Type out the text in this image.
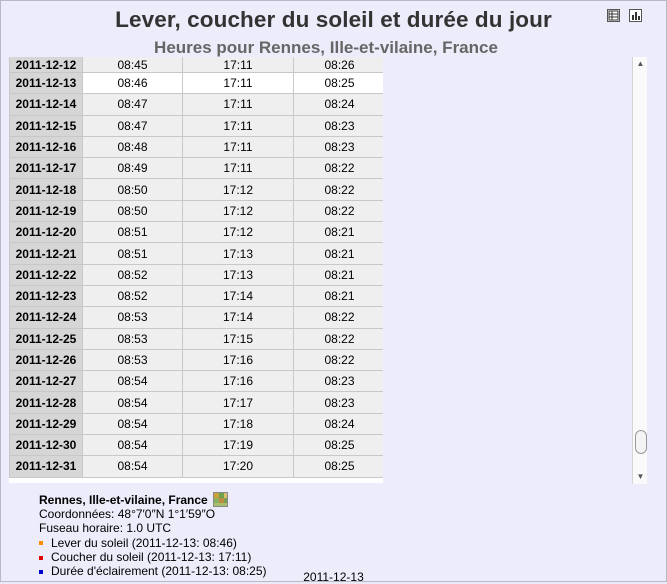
Lever, coucher du soleil et durée du jour
Heures pour Rennes, Ille-et-vilaine, France
2011-12-12	08:45	17:11	08:26
2011-12-13	08:46	17:11	08:25
2011-12-14	08:47	17:11	08:24
2011-12-15	08:47	17:11	08:23
2011-12-16	08:48	17:11	08:23
2011-12-17	08:49	17:11	08:22
2011-12-18	08:50	17:12	08:22
2011-12-19	08:50	17:12	08:22
2011-12-20	08:51	17:12	08:21
2011-12-21	08:51	17:13	08:21
2011-12-22	08:52	17:13	08:21
2011-12-23	08:52	17:14	08:21
2011-12-24	08:53	17:14	08:22
2011-12-25	08:53	17:15	08:22
2011-12-26	08:53	17:16	08:22
2011-12-27	08:54	17:16	08:23
2011-12-28	08:54	17:17	08:23
2011-12-29	08:54	17:18	08:24
2011-12-30	08:54	17:19	08:25
2011-12-31	08:54	17:20	08:25
▲
▼
Rennes, Ille-et-vilaine, France
Coordonnées: 48°7′0″N 1°1′59″O
Fuseau horaire: 1.0 UTC
Lever du soleil (2011-12-13: 08:46)
Coucher du soleil (2011-12-13: 17:11)
Durée d'éclairement (2011-12-13: 08:25)	2011-12-13
